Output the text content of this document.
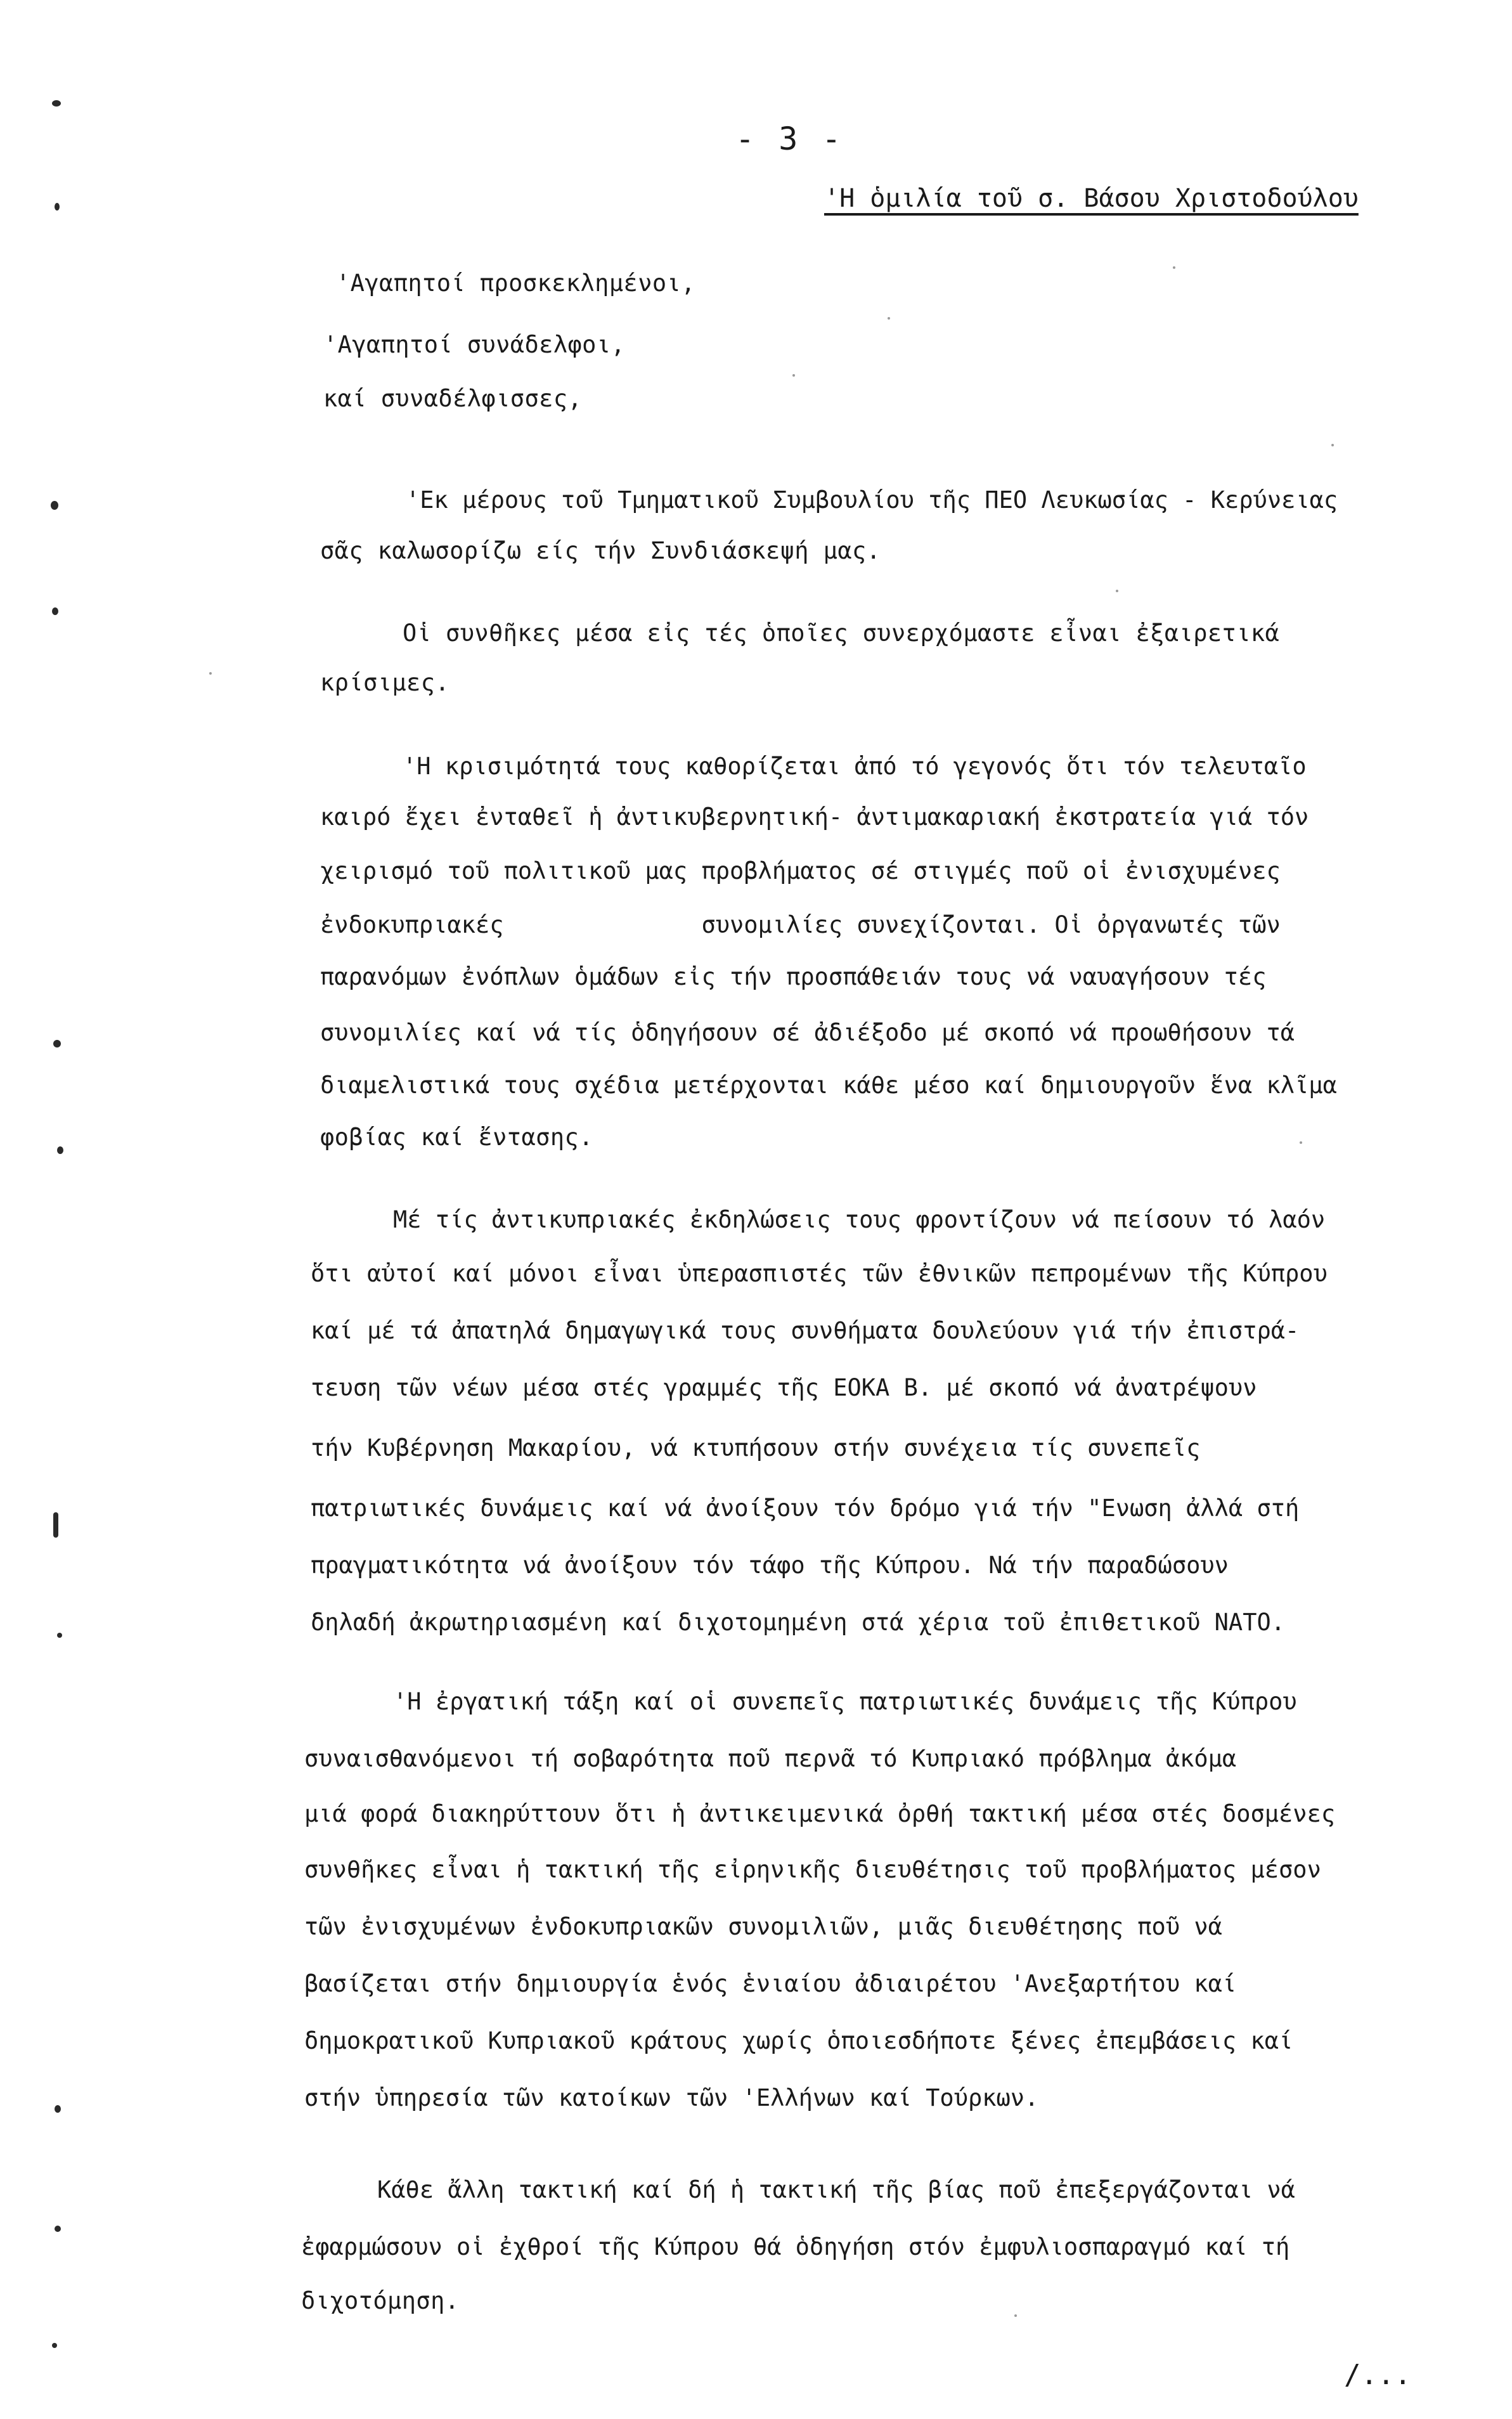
- 3 -
'Η ὁμιλία τοῦ σ. Βάσου Χριστοδούλου
'Αγαπητοί προσκεκλημένοι,
'Αγαπητοί συνάδελφοι,
καί συναδέλφισσες,
'Εκ μέρους τοῦ Τμηματικοῦ Συμβουλίου τῆς ΠΕΟ Λευκωσίας - Κερύνειας
σᾶς καλωσορίζω είς τήν Συνδιάσκεψή μας.
Οἱ συνθῆκες μέσα εἰς τές ὁποῖες συνερχόμαστε εἶναι ἐξαιρετικά
κρίσιμες.
'Η κρισιμότητά τους καθορίζεται ἀπό τό γεγονός ὅτι τόν τελευταῖο
καιρό ἔχει ἐνταθεῖ ἡ ἀντικυβερνητική- ἀντιμακαριακή ἐκστρατεία γιά τόν
χειρισμό τοῦ πολιτικοῦ μας προβλήματος σέ στιγμές ποῦ οἱ ἐνισχυμένες
ἐνδοκυπριακές              συνομιλίες συνεχίζονται. Οἱ ὀργανωτές τῶν
παρανόμων ἐνόπλων ὁμάδων εἰς τήν προσπάθειάν τους νά ναυαγήσουν τές
συνομιλίες καί νά τίς ὁδηγήσουν σέ ἀδιέξοδο μέ σκοπό νά προωθήσουν τά
διαμελιστικά τους σχέδια μετέρχονται κάθε μέσο καί δημιουργοῦν ἕνα κλῖμα
φοβίας καί ἔντασης.
Μέ τίς ἀντικυπριακές ἐκδηλώσεις τους φροντίζουν νά πείσουν τό λαόν
ὅτι αὐτοί καί μόνοι εἶναι ὑπερασπιστές τῶν ἐθνικῶν πεπρομένων τῆς Κύπρου
καί μέ τά ἀπατηλά δημαγωγικά τους συνθήματα δουλεύουν γιά τήν ἐπιστρά-
τευση τῶν νέων μέσα στές γραμμές τῆς ΕΟΚΑ Β. μέ σκοπό νά ἀνατρέψουν
τήν Κυβέρνηση Μακαρίου, νά κτυπήσουν στήν συνέχεια τίς συνεπεῖς
πατριωτικές δυνάμεις καί νά ἀνοίξουν τόν δρόμο γιά τήν "Ενωση ἀλλά στή
πραγματικότητα νά ἀνοίξουν τόν τάφο τῆς Κύπρου. Νά τήν παραδώσουν
δηλαδή ἀκρωτηριασμένη καί διχοτομημένη στά χέρια τοῦ ἐπιθετικοῦ ΝΑΤΟ.
'Η ἐργατική τάξη καί οἱ συνεπεῖς πατριωτικές δυνάμεις τῆς Κύπρου
συναισθανόμενοι τή σοβαρότητα ποῦ περνᾶ τό Κυπριακό πρόβλημα ἀκόμα
μιά φορά διακηρύττουν ὅτι ἡ ἀντικειμενικά ὀρθή τακτική μέσα στές δοσμένες
συνθῆκες εἶναι ἡ τακτική τῆς εἰρηνικῆς διευθέτησις τοῦ προβλήματος μέσον
τῶν ἐνισχυμένων ἐνδοκυπριακῶν συνομιλιῶν, μιᾶς διευθέτησης ποῦ νά
βασίζεται στήν δημιουργία ἑνός ἑνιαίου ἀδιαιρέτου 'Ανεξαρτήτου καί
δημοκρατικοῦ Κυπριακοῦ κράτους χωρίς ὁποιεσδήποτε ξένες ἐπεμβάσεις καί
στήν ὑπηρεσία τῶν κατοίκων τῶν 'Ελλήνων καί Τούρκων.
Κάθε ἄλλη τακτική καί δή ἡ τακτική τῆς βίας ποῦ ἐπεξεργάζονται νά
ἐφαρμώσουν οἱ ἐχθροί τῆς Κύπρου θά ὁδηγήση στόν ἐμφυλιοσπαραγμό καί τή
διχοτόμηση.
/...
